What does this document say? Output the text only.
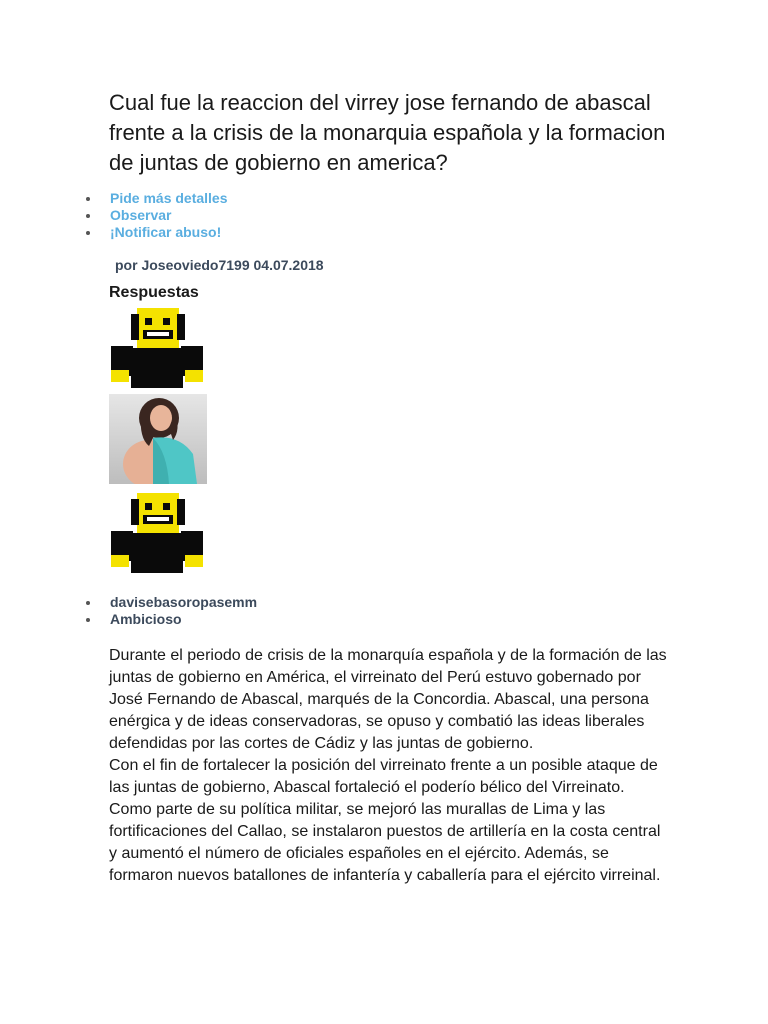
Cual fue la reaccion del virrey jose fernando de abascal frente a la crisis de la monarquia española y la formacion de juntas de gobierno en america?
Pide más detalles
Observar
¡Notificar abuso!
por Joseoviedo7199 04.07.2018
Respuestas
davisebasoropasemm
Ambicioso

Durante el periodo de crisis de la monarquía española y de la formación de las juntas de gobierno en América, el virreinato del Perú estuvo gobernado por José Fernando de Abascal, marqués de la Concordia. Abascal, una persona enérgica y de ideas conservadoras, se opuso y combatió las ideas liberales defendidas por las cortes de Cádiz y las juntas de gobierno.

Con el fin de fortalecer la posición del virreinato frente a un posible ataque de las juntas de gobierno, Abascal fortaleció el poderío bélico del Virreinato. Como parte de su política militar, se mejoró las murallas de Lima y las fortificaciones del Callao, se instalaron puestos de artillería en la costa central y aumentó el número de oficiales españoles en el ejército. Además, se formaron nuevos batallones de infantería y caballería para el ejército virreinal.
